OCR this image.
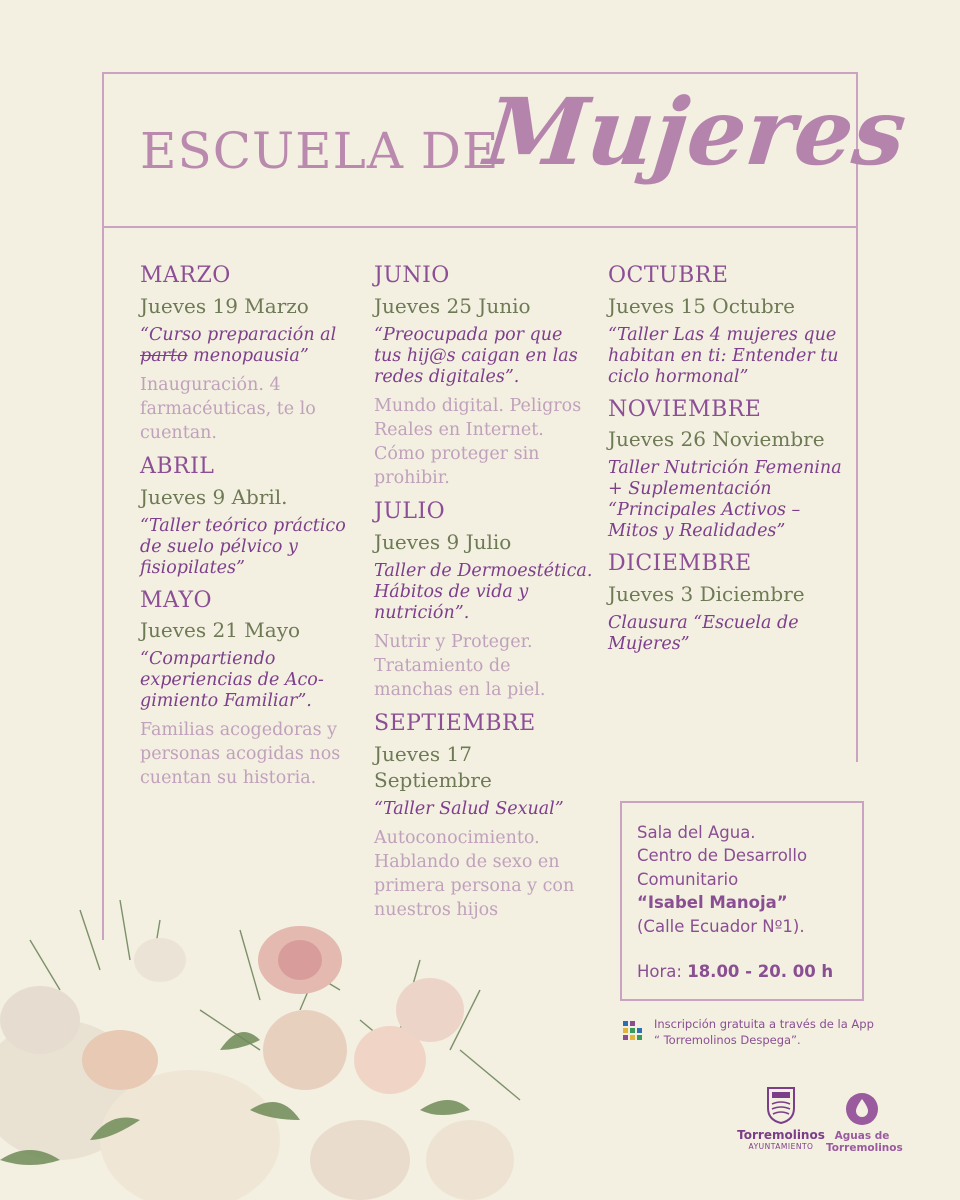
ESCUELA DE
Mujeres
MARZO
Jueves 19 Marzo
“Curso preparación al parto menopausia”
Inauguración. 4 farmacéuticas, te lo cuentan.
ABRIL
Jueves 9 Abril.
“Taller teórico práctico de suelo pélvico y fisiopilates”
MAYO
Jueves 21 Mayo
“Compartiendo experiencias de Aco-gimiento Familiar”.
Familias acogedoras y personas acogidas nos cuentan su historia.
JUNIO
Jueves 25 Junio
“Preocupada por que tus hij@s caigan en las redes digitales”.
Mundo digital. Peligros Reales en Internet. Cómo proteger sin prohibir.
JULIO
Jueves 9 Julio
Taller de Dermoestética. Hábitos de vida y nutrición”.
Nutrir y Proteger. Tratamiento de manchas en la piel.
SEPTIEMBRE
Jueves 17 Septiembre
“Taller Salud Sexual”
Autoconocimiento. Hablando de sexo en primera persona y con nuestros hijos
OCTUBRE
Jueves 15 Octubre
“Taller Las 4 mujeres que habitan en ti: Entender tu ciclo hormonal”
NOVIEMBRE
Jueves 26 Noviembre
Taller Nutrición Femenina + Suplementación “Principales Activos – Mitos y Realidades”
DICIEMBRE
Jueves 3 Diciembre
Clausura “Escuela de Mujeres”
Sala del Agua.
Centro de Desarrollo
Comunitario
“Isabel Manoja”
(Calle Ecuador Nº1).
Hora: 18.00 - 20. 00 h
Inscripción gratuita a través de la App “ Torremolinos Despega”.
Torremolinos
AYUNTAMIENTO
Aguas de
Torremolinos
